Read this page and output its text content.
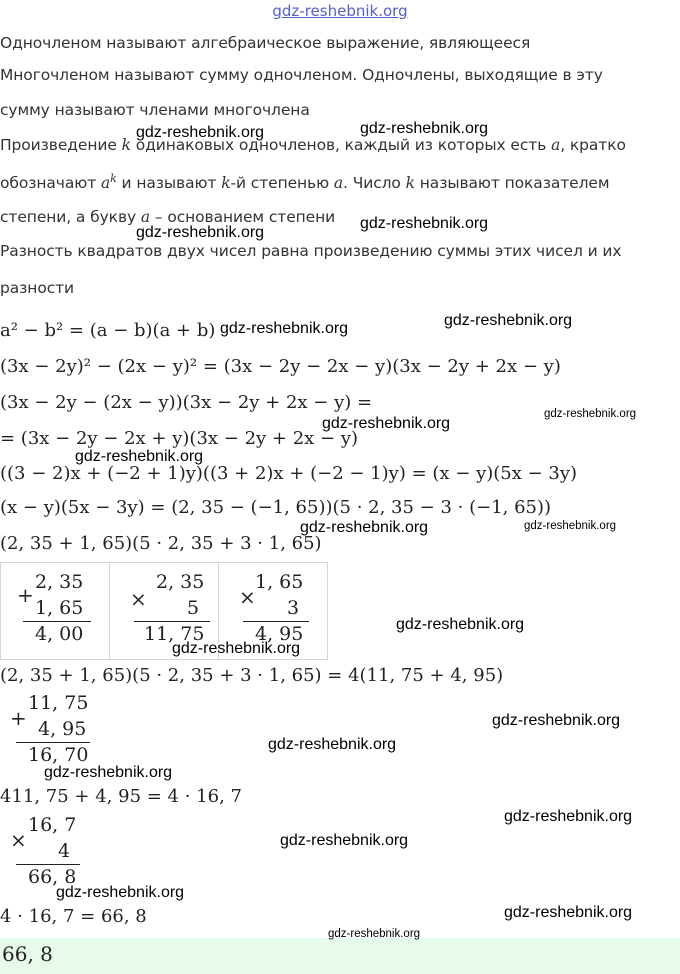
gdz-reshebnik.org
Одночленом называют алгебраическое выражение, являющееся
Многочленом называют сумму одночленом. Одночлены, выходящие в эту
сумму называют членами многочлена
Произведение k одинаковых одночленов, каждый из которых есть a, кратко
обозначают $a^k$ и называют k-й степенью a. Число k называют показателем
степени, а букву a – основанием степени
Разность квадратов двух чисел равна произведению суммы этих чисел и их
разности
a² − b² = (a − b)(a + b)
(3x − 2y)² − (2x − y)² = (3x − 2y − 2x − y)(3x − 2y + 2x − y)
(3x − 2y − (2x − y))(3x − 2y + 2x − y) =
= (3x − 2y − 2x + y)(3x − 2y + 2x − y)
((3 − 2)x + (−2 + 1)y)((3 + 2)x + (−2 − 1)y) = (x − y)(5x − 3y)
(x − y)(5x − 3y) = (2, 35 − (−1, 65))(5 · 2, 35 − 3 · (−1, 65))
(2, 35 + 1, 65)(5 · 2, 35 + 3 · 1, 65)
+
2, 35
1, 65
4, 00

×
2, 35
5
11, 75

×
1, 65
3
4, 95
(2, 35 + 1, 65)(5 · 2, 35 + 3 · 1, 65) = 4(11, 75 + 4, 95)
+
11, 75
4, 95
16, 70
411, 75 + 4, 95 = 4 · 16, 7
×
16, 7
4
66, 8
4 · 16, 7 = 66, 8
66, 8
gdz-reshebnik.org	gdz-reshebnik.org
gdz-reshebnik.org
gdz-reshebnik.org
gdz-reshebnik.org	gdz-reshebnik.org
gdz-reshebnik.org
gdz-reshebnik.org
gdz-reshebnik.org
gdz-reshebnik.org	gdz-reshebnik.org
gdz-reshebnik.org
gdz-reshebnik.org
gdz-reshebnik.org
gdz-reshebnik.org
gdz-reshebnik.org
gdz-reshebnik.org
gdz-reshebnik.org
gdz-reshebnik.org
gdz-reshebnik.org
gdz-reshebnik.org
